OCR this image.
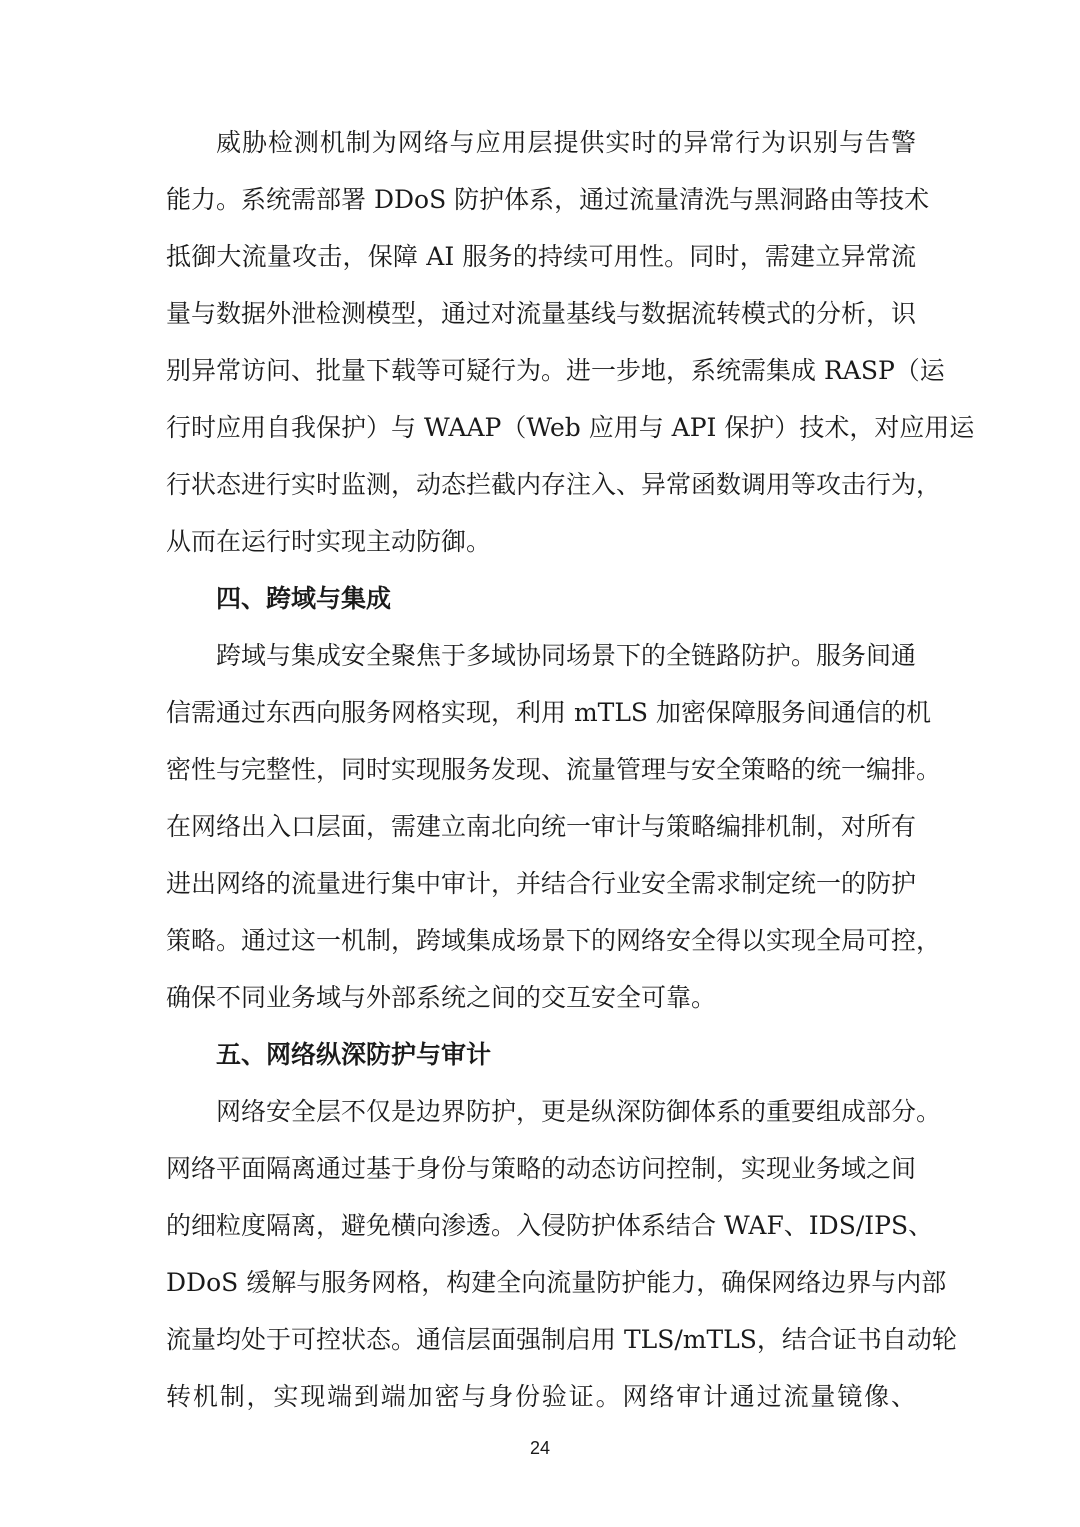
威胁检测机制为网络与应用层提供实时的异常行为识别与告警
能力。系统需部署 DDoS 防护体系，通过流量清洗与黑洞路由等技术
抵御大流量攻击，保障 AI 服务的持续可用性。同时，需建立异常流
量与数据外泄检测模型，通过对流量基线与数据流转模式的分析，识
别异常访问、批量下载等可疑行为。进一步地，系统需集成 RASP（运
行时应用自我保护）与 WAAP（Web 应用与 API 保护）技术，对应用运
行状态进行实时监测，动态拦截内存注入、异常函数调用等攻击行为，
从而在运行时实现主动防御。
四、跨域与集成
跨域与集成安全聚焦于多域协同场景下的全链路防护。服务间通
信需通过东西向服务网格实现，利用 mTLS 加密保障服务间通信的机
密性与完整性，同时实现服务发现、流量管理与安全策略的统一编排。
在网络出入口层面，需建立南北向统一审计与策略编排机制，对所有
进出网络的流量进行集中审计，并结合行业安全需求制定统一的防护
策略。通过这一机制，跨域集成场景下的网络安全得以实现全局可控，
确保不同业务域与外部系统之间的交互安全可靠。
五、网络纵深防护与审计
网络安全层不仅是边界防护，更是纵深防御体系的重要组成部分。
网络平面隔离通过基于身份与策略的动态访问控制，实现业务域之间
的细粒度隔离，避免横向渗透。入侵防护体系结合 WAF、IDS/IPS、
DDoS 缓解与服务网格，构建全向流量防护能力，确保网络边界与内部
流量均处于可控状态。通信层面强制启用 TLS/mTLS，结合证书自动轮
转机制，实现端到端加密与身份验证。网络审计通过流量镜像、
24
